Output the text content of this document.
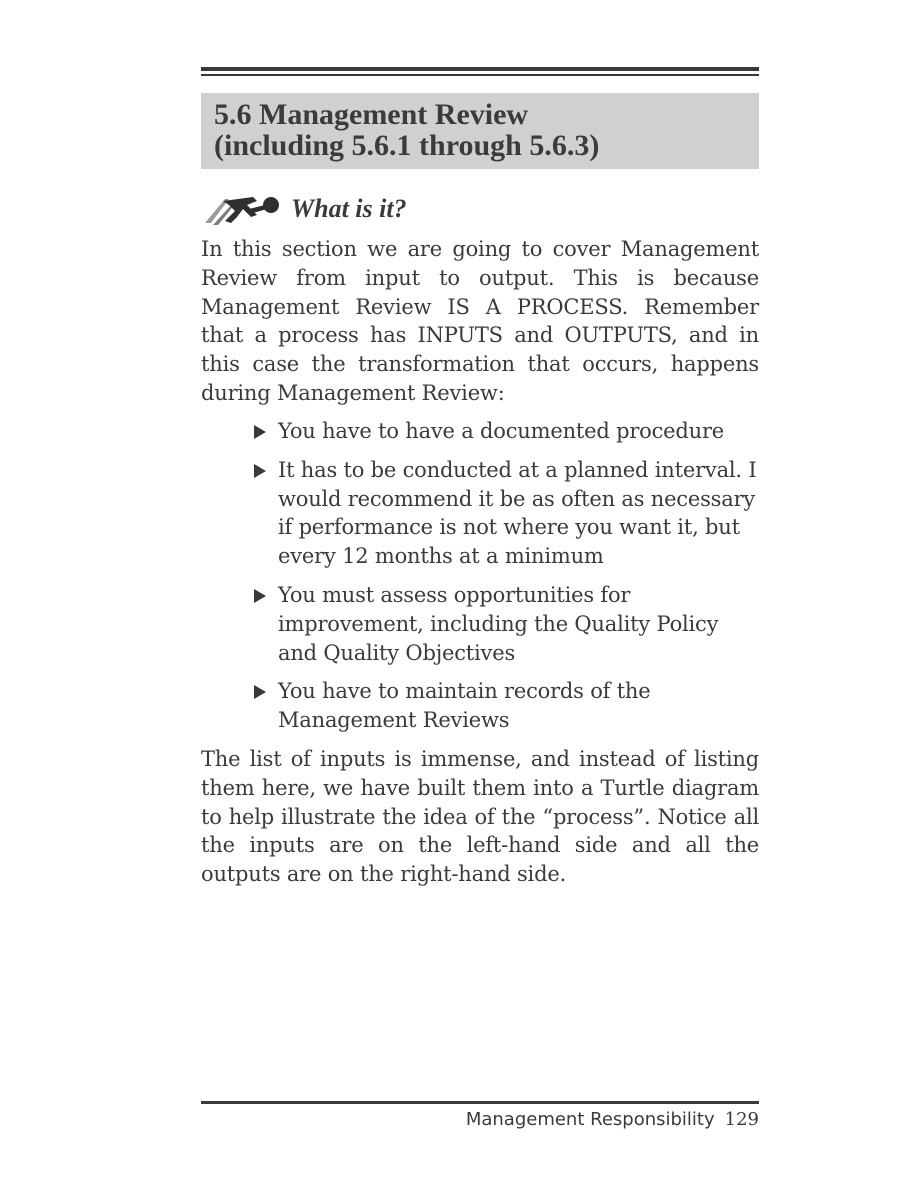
5.6 Management Review
(including 5.6.1 through 5.6.3)
What is it?

In this section we are going to cover Management Review from input to output. This is because Management Review IS A PROCESS. Remember that a process has INPUTS and OUTPUTS, and in this case the transformation that occurs, happens during Management Review:

You have to have a documented procedure
It has to be conducted at a planned interval. I would recommend it be as often as necessary if performance is not where you want it, but every 12 months at a minimum
You must assess opportunities for improvement, including the Quality Policy and Quality Objectives
You have to maintain records of the Management Reviews

The list of inputs is immense, and instead of listing them here, we have built them into a Turtle diagram to help illustrate the idea of the “process”. Notice all the inputs are on the left-hand side and all the outputs are on the right-hand side.

Management Responsibility 129
